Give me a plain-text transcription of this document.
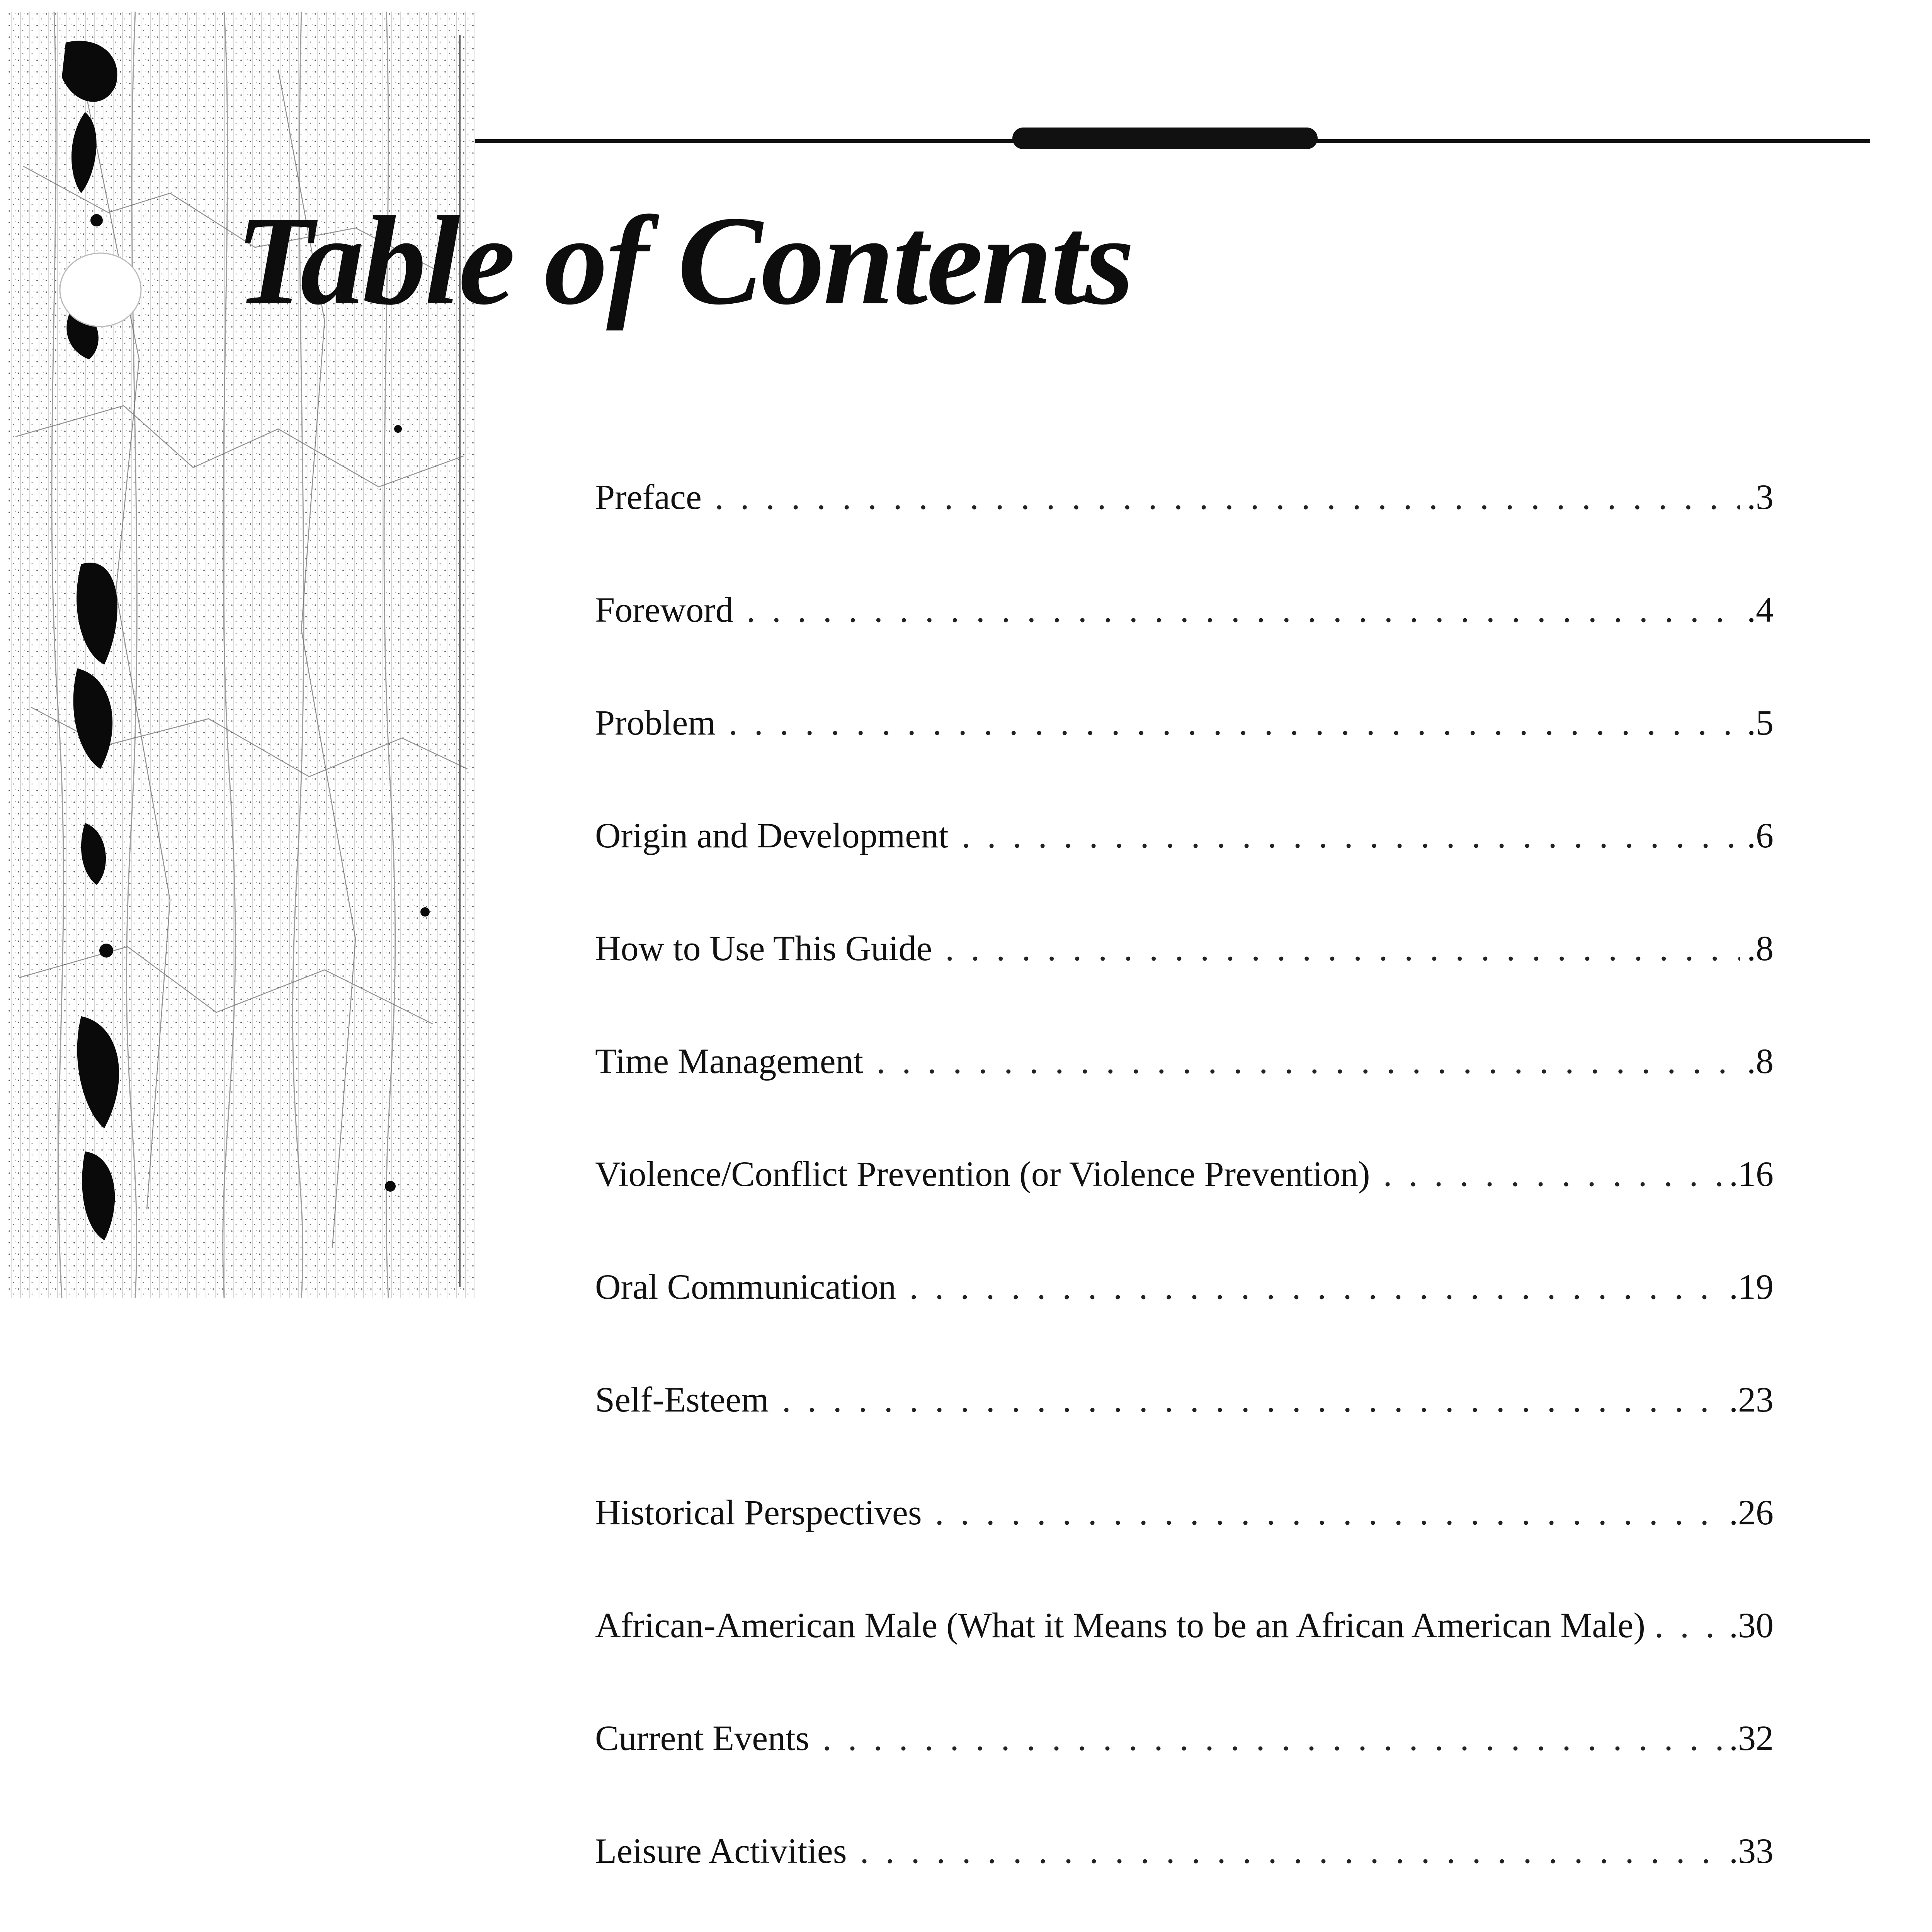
Table of Contents
Preface . . .	.3
Foreword . . .	.4
Problem . . .	.5
Origin and Development . . .	.6
How to Use This Guide . . .	.8
Time Management . . .	.8
Violence/Conflict Prevention (or Violence Prevention) . . .	.16
Oral Communication . . .	.19
Self-Esteem . . .	.23
Historical Perspectives . . .	.26
African-American Male (What it Means to be an African American Male) . . . .30
Current Events . . .	.32
Leisure Activities . . .	.33
